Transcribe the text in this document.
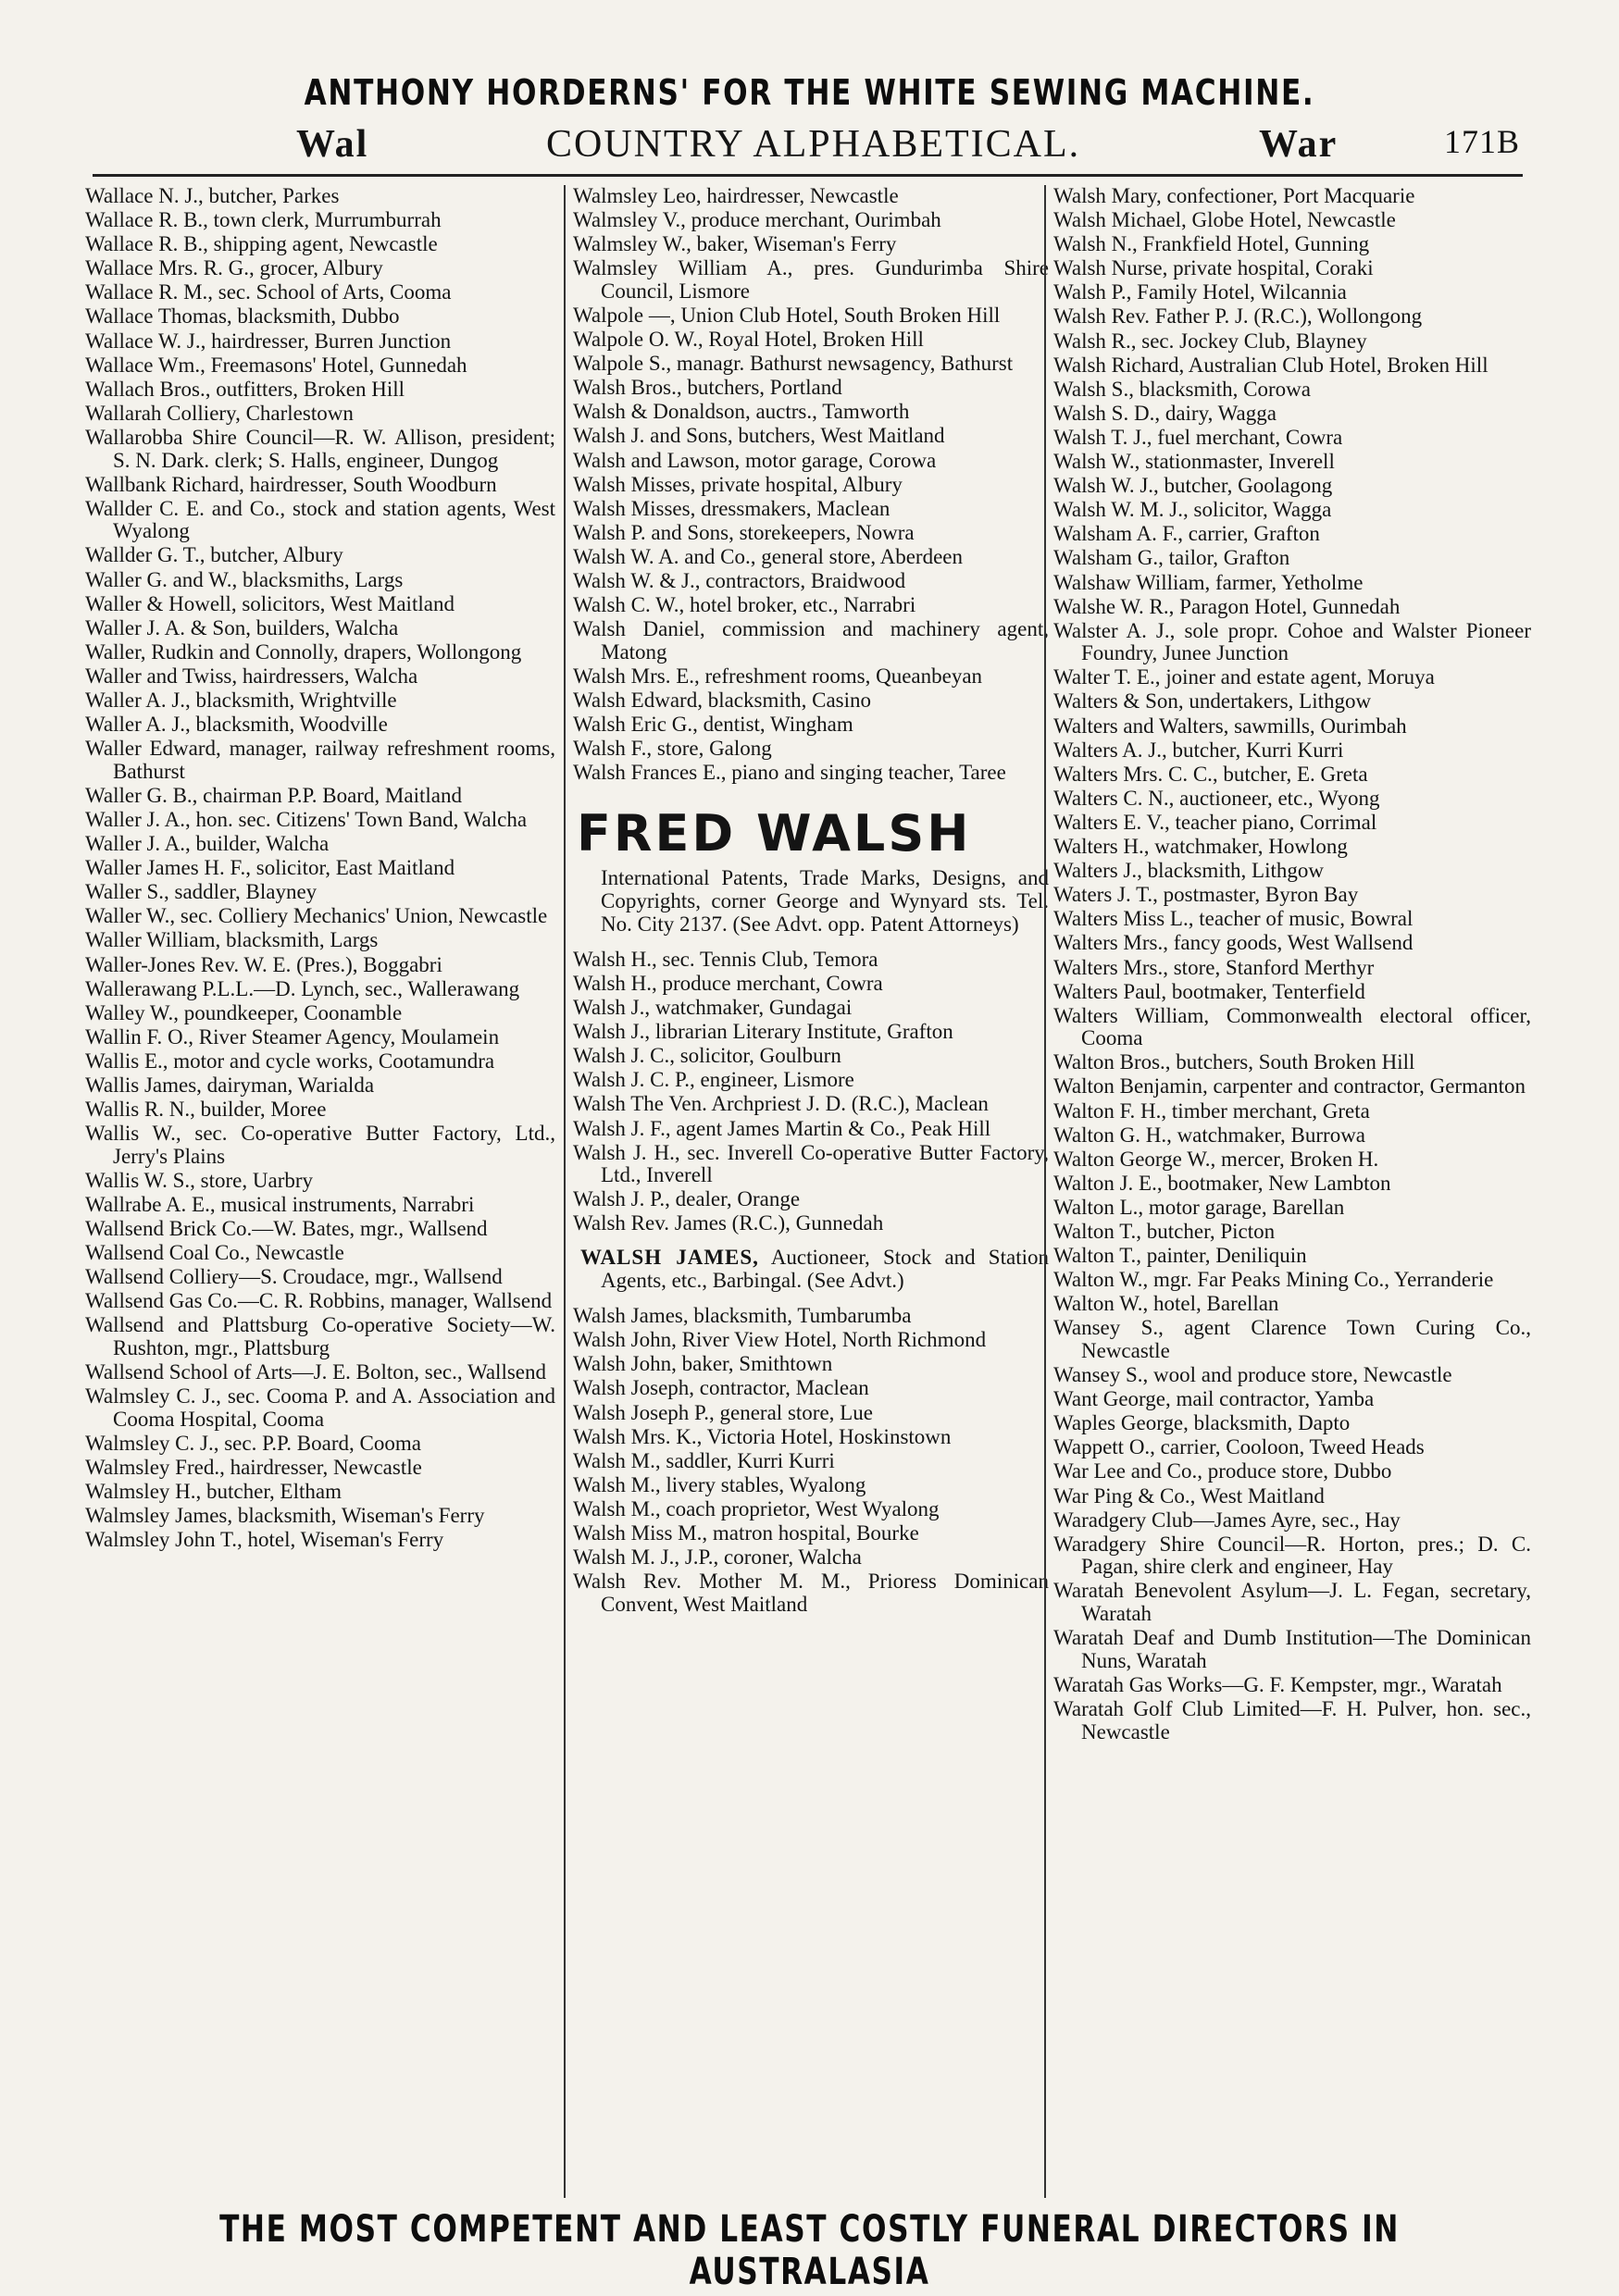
ANTHONY HORDERNS' FOR THE WHITE SEWING MACHINE.
Wal	COUNTRY ALPHABETICAL.	War	171B
Wallace N. J., butcher, Parkes
Wallace R. B., town clerk, Murrumburrah
Wallace R. B., shipping agent, Newcastle
Wallace Mrs. R. G., grocer, Albury
Wallace R. M., sec. School of Arts, Cooma
Wallace Thomas, blacksmith, Dubbo
Wallace W. J., hairdresser, Burren Junction
Wallace Wm., Freemasons' Hotel, Gunnedah
Wallach Bros., outfitters, Broken Hill
Wallarah Colliery, Charlestown
Wallarobba Shire Council—R. W. Allison, president; S. N. Dark. clerk; S. Halls, engineer, Dungog
Wallbank Richard, hairdresser, South Woodburn
Wallder C. E. and Co., stock and station agents, West Wyalong
Wallder G. T., butcher, Albury
Waller G. and W., blacksmiths, Largs
Waller & Howell, solicitors, West Maitland
Waller J. A. & Son, builders, Walcha
Waller, Rudkin and Connolly, drapers, Wollongong
Waller and Twiss, hairdressers, Walcha
Waller A. J., blacksmith, Wrightville
Waller A. J., blacksmith, Woodville
Waller Edward, manager, railway refreshment rooms, Bathurst
Waller G. B., chairman P.P. Board, Maitland
Waller J. A., hon. sec. Citizens' Town Band, Walcha
Waller J. A., builder, Walcha
Waller James H. F., solicitor, East Maitland
Waller S., saddler, Blayney
Waller W., sec. Colliery Mechanics' Union, Newcastle
Waller William, blacksmith, Largs
Waller-Jones Rev. W. E. (Pres.), Boggabri
Wallerawang P.L.L.—D. Lynch, sec., Wallerawang
Walley W., poundkeeper, Coonamble
Wallin F. O., River Steamer Agency, Moulamein
Wallis E., motor and cycle works, Cootamundra
Wallis James, dairyman, Warialda
Wallis R. N., builder, Moree
Wallis W., sec. Co-operative Butter Factory, Ltd., Jerry's Plains
Wallis W. S., store, Uarbry
Wallrabe A. E., musical instruments, Narrabri
Wallsend Brick Co.—W. Bates, mgr., Wallsend
Wallsend Coal Co., Newcastle
Wallsend Colliery—S. Croudace, mgr., Wallsend
Wallsend Gas Co.—C. R. Robbins, manager, Wallsend
Wallsend and Plattsburg Co-operative Society—W. Rushton, mgr., Plattsburg
Wallsend School of Arts—J. E. Bolton, sec., Wallsend
Walmsley C. J., sec. Cooma P. and A. Association and Cooma Hospital, Cooma
Walmsley C. J., sec. P.P. Board, Cooma
Walmsley Fred., hairdresser, Newcastle
Walmsley H., butcher, Eltham
Walmsley James, blacksmith, Wiseman's Ferry
Walmsley John T., hotel, Wiseman's Ferry
Walmsley Leo, hairdresser, Newcastle
Walmsley V., produce merchant, Ourimbah
Walmsley W., baker, Wiseman's Ferry
Walmsley William A., pres. Gundurimba Shire Council, Lismore
Walpole —, Union Club Hotel, South Broken Hill
Walpole O. W., Royal Hotel, Broken Hill
Walpole S., managr. Bathurst newsagency, Bathurst
Walsh Bros., butchers, Portland
Walsh & Donaldson, auctrs., Tamworth
Walsh J. and Sons, butchers, West Maitland
Walsh and Lawson, motor garage, Corowa
Walsh Misses, private hospital, Albury
Walsh Misses, dressmakers, Maclean
Walsh P. and Sons, storekeepers, Nowra
Walsh W. A. and Co., general store, Aberdeen
Walsh W. & J., contractors, Braidwood
Walsh C. W., hotel broker, etc., Narrabri
Walsh Daniel, commission and machinery agent, Matong
Walsh Mrs. E., refreshment rooms, Queanbeyan
Walsh Edward, blacksmith, Casino
Walsh Eric G., dentist, Wingham
Walsh F., store, Galong
Walsh Frances E., piano and singing teacher, Taree
FRED WALSH
International Patents, Trade Marks, Designs, and Copyrights, corner George and Wynyard sts. Tel. No. City 2137. (See Advt. opp. Patent Attorneys)
Walsh H., sec. Tennis Club, Temora
Walsh H., produce merchant, Cowra
Walsh J., watchmaker, Gundagai
Walsh J., librarian Literary Institute, Grafton
Walsh J. C., solicitor, Goulburn
Walsh J. C. P., engineer, Lismore
Walsh The Ven. Archpriest J. D. (R.C.), Maclean
Walsh J. F., agent James Martin & Co., Peak Hill
Walsh J. H., sec. Inverell Co-operative Butter Factory, Ltd., Inverell
Walsh J. P., dealer, Orange
Walsh Rev. James (R.C.), Gunnedah
WALSH JAMES, Auctioneer, Stock and Station Agents, etc., Barbingal. (See Advt.)
Walsh James, blacksmith, Tumbarumba
Walsh John, River View Hotel, North Richmond
Walsh John, baker, Smithtown
Walsh Joseph, contractor, Maclean
Walsh Joseph P., general store, Lue
Walsh Mrs. K., Victoria Hotel, Hoskinstown
Walsh M., saddler, Kurri Kurri
Walsh M., livery stables, Wyalong
Walsh M., coach proprietor, West Wyalong
Walsh Miss M., matron hospital, Bourke
Walsh M. J., J.P., coroner, Walcha
Walsh Rev. Mother M. M., Prioress Dominican Convent, West Maitland
Walsh Mary, confectioner, Port Macquarie
Walsh Michael, Globe Hotel, Newcastle
Walsh N., Frankfield Hotel, Gunning
Walsh Nurse, private hospital, Coraki
Walsh P., Family Hotel, Wilcannia
Walsh Rev. Father P. J. (R.C.), Wollongong
Walsh R., sec. Jockey Club, Blayney
Walsh Richard, Australian Club Hotel, Broken Hill
Walsh S., blacksmith, Corowa
Walsh S. D., dairy, Wagga
Walsh T. J., fuel merchant, Cowra
Walsh W., stationmaster, Inverell
Walsh W. J., butcher, Goolagong
Walsh W. M. J., solicitor, Wagga
Walsham A. F., carrier, Grafton
Walsham G., tailor, Grafton
Walshaw William, farmer, Yetholme
Walshe W. R., Paragon Hotel, Gunnedah
Walster A. J., sole propr. Cohoe and Walster Pioneer Foundry, Junee Junction
Walter T. E., joiner and estate agent, Moruya
Walters & Son, undertakers, Lithgow
Walters and Walters, sawmills, Ourimbah
Walters A. J., butcher, Kurri Kurri
Walters Mrs. C. C., butcher, E. Greta
Walters C. N., auctioneer, etc., Wyong
Walters E. V., teacher piano, Corrimal
Walters H., watchmaker, Howlong
Walters J., blacksmith, Lithgow
Waters J. T., postmaster, Byron Bay
Walters Miss L., teacher of music, Bowral
Walters Mrs., fancy goods, West Wallsend
Walters Mrs., store, Stanford Merthyr
Walters Paul, bootmaker, Tenterfield
Walters William, Commonwealth electoral officer, Cooma
Walton Bros., butchers, South Broken Hill
Walton Benjamin, carpenter and contractor, Germanton
Walton F. H., timber merchant, Greta
Walton G. H., watchmaker, Burrowa
Walton George W., mercer, Broken H.
Walton J. E., bootmaker, New Lambton
Walton L., motor garage, Barellan
Walton T., butcher, Picton
Walton T., painter, Deniliquin
Walton W., mgr. Far Peaks Mining Co., Yerranderie
Walton W., hotel, Barellan
Wansey S., agent Clarence Town Curing Co., Newcastle
Wansey S., wool and produce store, Newcastle
Want George, mail contractor, Yamba
Waples George, blacksmith, Dapto
Wappett O., carrier, Cooloon, Tweed Heads
War Lee and Co., produce store, Dubbo
War Ping & Co., West Maitland
Waradgery Club—James Ayre, sec., Hay
Waradgery Shire Council—R. Horton, pres.; D. C. Pagan, shire clerk and engineer, Hay
Waratah Benevolent Asylum—J. L. Fegan, secretary, Waratah
Waratah Deaf and Dumb Institution—The Dominican Nuns, Waratah
Waratah Gas Works—G. F. Kempster, mgr., Waratah
Waratah Golf Club Limited—F. H. Pulver, hon. sec., Newcastle
THE MOST COMPETENT AND LEAST COSTLY FUNERAL DIRECTORS IN AUSTRALASIA
